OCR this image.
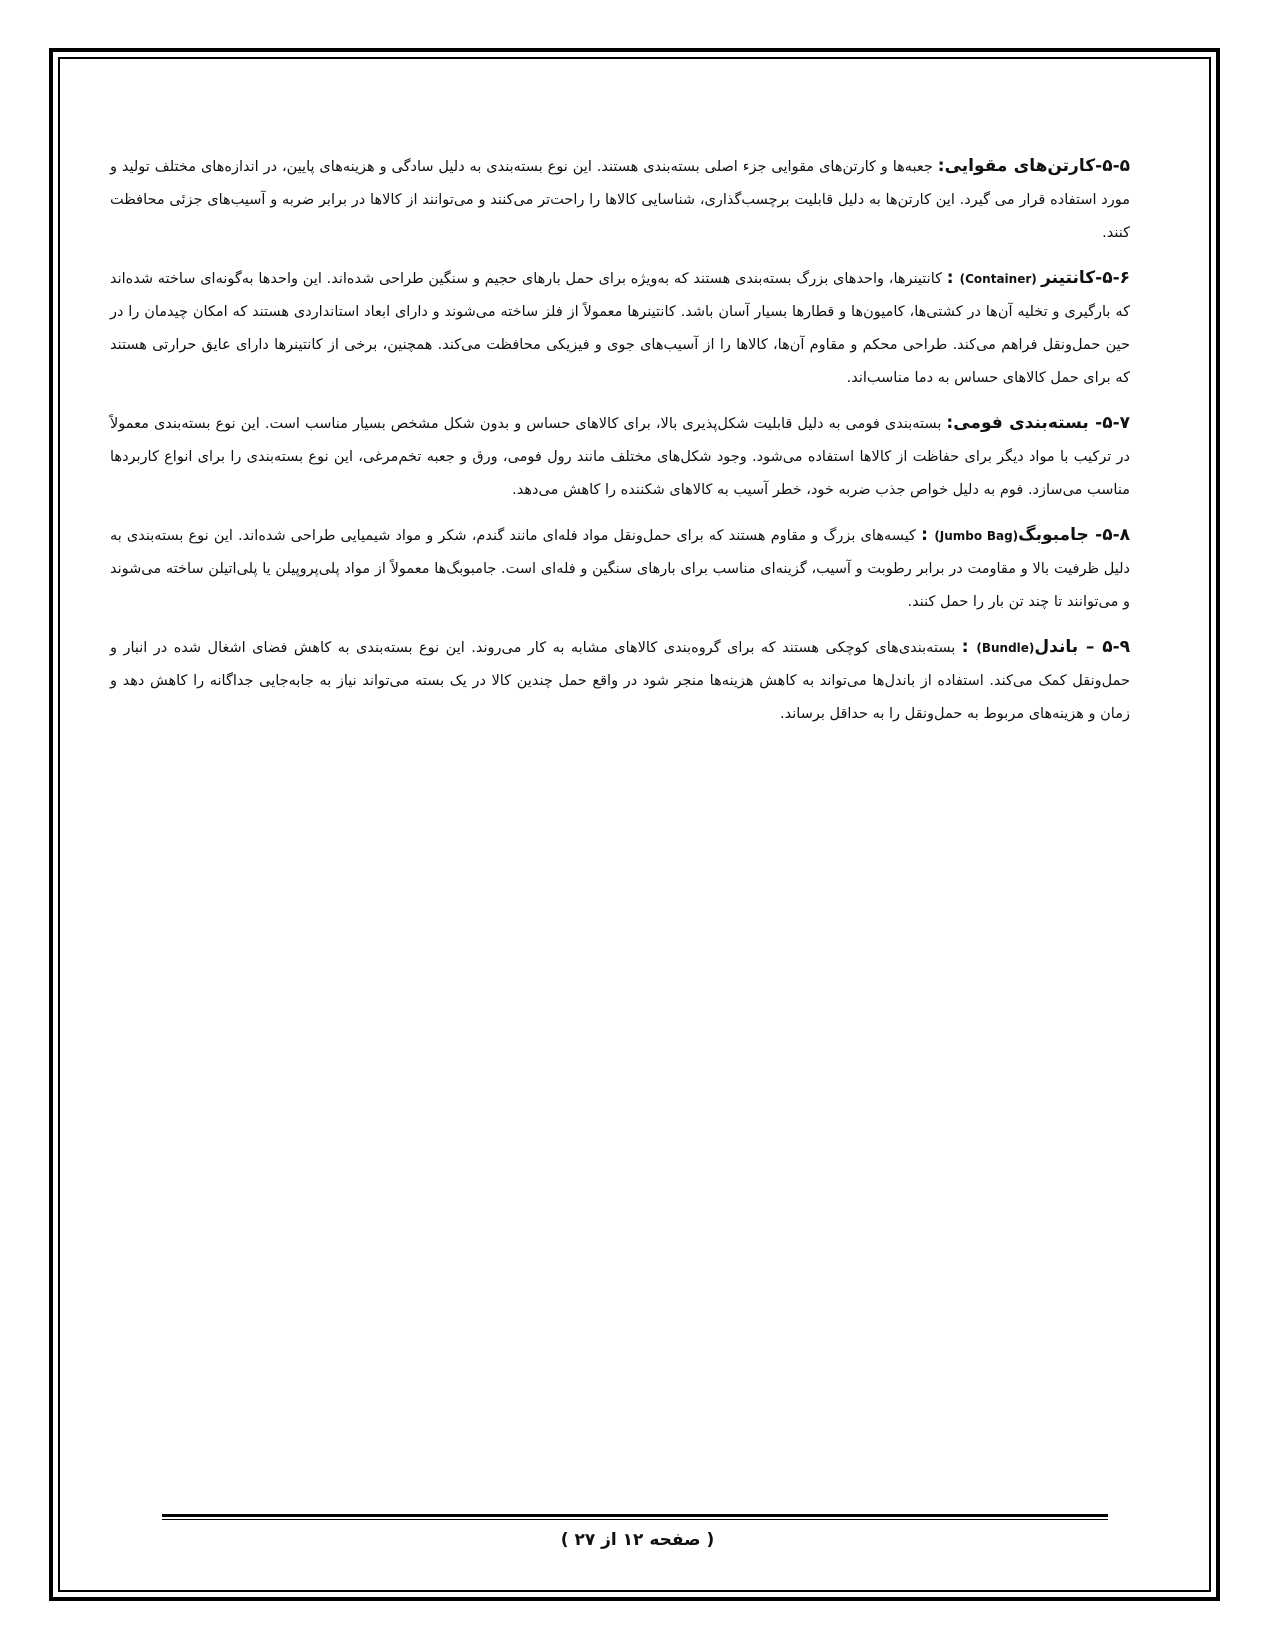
۵-۵-کارتن‌های مقوایی: جعبه‌ها و کارتن‌های مقوایی جزء اصلی بسته‌بندی هستند. این نوع بسته‌بندی به دلیل سادگی و هزینه‌های پایین، در اندازه‌های مختلف تولید و مورد استفاده قرار می گیرد. این کارتن‌ها به دلیل قابلیت برچسب‌گذاری، شناسایی کالاها را راحت‌تر می‌کنند و می‌توانند از کالاها در برابر ضربه و آسیب‌های جزئی محافظت کنند.

۵-۶-کانتینر (Container) : کانتینرها، واحدهای بزرگ بسته‌بندی هستند که به‌ویژه برای حمل بارهای حجیم و سنگین طراحی شده‌اند. این واحدها به‌گونه‌ای ساخته شده‌اند که بارگیری و تخلیه آن‌ها در کشتی‌ها، کامیون‌ها و قطارها بسیار آسان باشد. کانتینرها معمولاً از فلز ساخته می‌شوند و دارای ابعاد استانداردی هستند که امکان چیدمان را در حین حمل‌ونقل فراهم می‌کند. طراحی محکم و مقاوم آن‌ها، کالاها را از آسیب‌های جوی و فیزیکی محافظت می‌کند. همچنین، برخی از کانتینرها دارای عایق حرارتی هستند که برای حمل کالاهای حساس به دما مناسب‌اند.

۵-۷- بسته‌بندی فومی: بسته‌بندی فومی به دلیل قابلیت شکل‌پذیری بالا، برای کالاهای حساس و بدون شکل مشخص بسیار مناسب است. این نوع بسته‌بندی معمولاً در ترکیب با مواد دیگر برای حفاظت از کالاها استفاده می‌شود. وجود شکل‌های مختلف مانند رول فومی، ورق و جعبه تخم‌مرغی، این نوع بسته‌بندی را برای انواع کاربردها مناسب می‌سازد. فوم به دلیل خواص جذب ضربه خود، خطر آسیب به کالاهای شکننده را کاهش می‌دهد.

۵-۸- جامبوبگ(Jumbo Bag) : کیسه‌های بزرگ و مقاوم هستند که برای حمل‌ونقل مواد فله‌ای مانند گندم، شکر و مواد شیمیایی طراحی شده‌اند. این نوع بسته‌بندی به دلیل ظرفیت بالا و مقاومت در برابر رطوبت و آسیب، گزینه‌ای مناسب برای بارهای سنگین و فله‌ای است. جامبوبگ‌ها معمولاً از مواد پلی‌پروپیلن یا پلی‌اتیلن ساخته می‌شوند و می‌توانند تا چند تن بار را حمل کنند.

۵-۹ – باندل(Bundle) : بسته‌بندی‌های کوچکی هستند که برای گروه‌بندی کالاهای مشابه به کار می‌روند. این نوع بسته‌بندی به کاهش فضای اشغال شده در انبار و حمل‌ونقل کمک می‌کند. استفاده از باندل‌ها می‌تواند به کاهش هزینه‌ها منجر شود در واقع حمل چندین کالا در یک بسته می‌تواند نیاز به جابه‌جایی جداگانه را کاهش دهد و زمان و هزینه‌های مربوط به حمل‌ونقل را به حداقل برساند.

( صفحه ۱۲ از ۲۷ )
